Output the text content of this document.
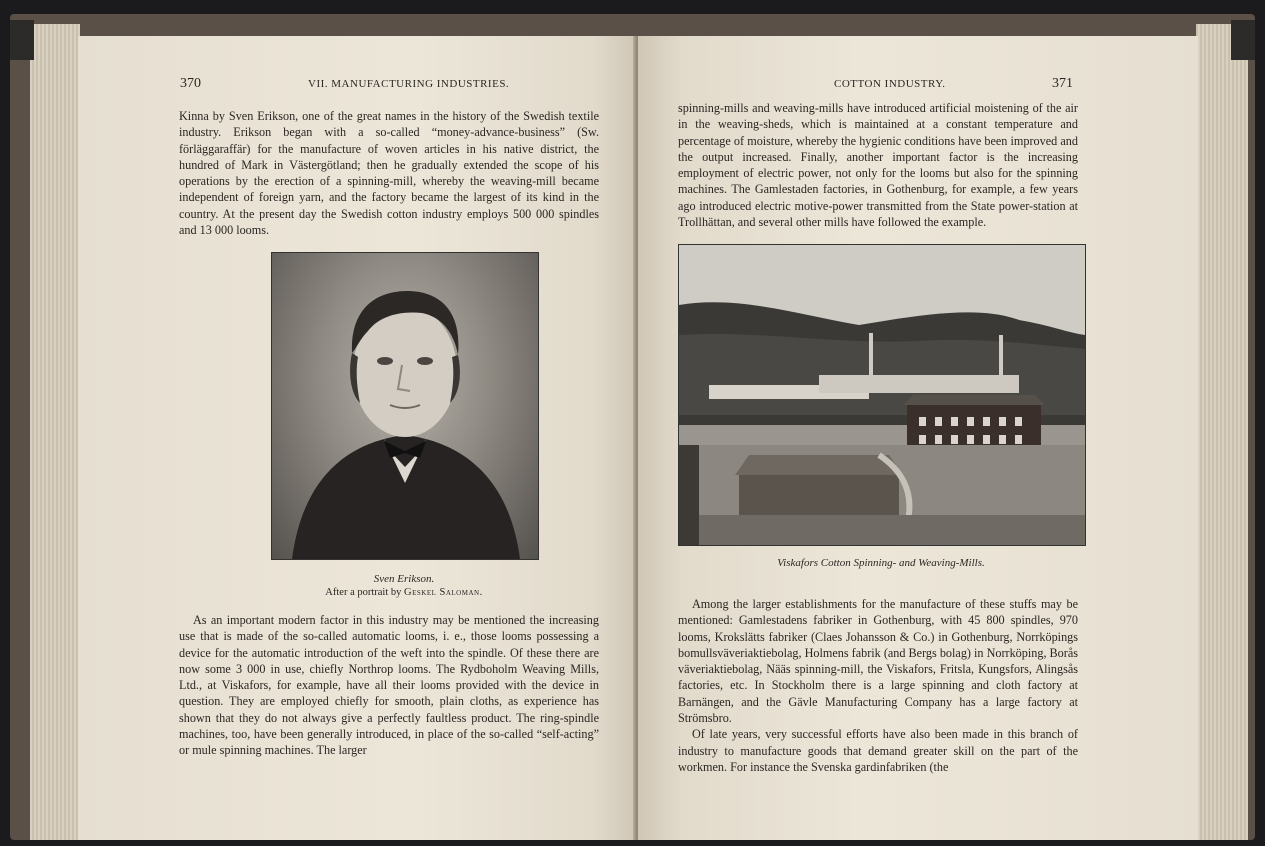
370	VII. MANUFACTURING INDUSTRIES.

Kinna by Sven Erikson, one of the great names in the history of the Swedish textile industry. Erikson began with a so-called “money-advance-business” (Sw. förläggaraffär) for the manufacture of woven articles in his native district, the hundred of Mark in Västergötland; then he gradually extended the scope of his operations by the erection of a spinning-mill, whereby the weaving-mill became independent of foreign yarn, and the factory became the largest of its kind in the country. At the present day the Swedish cotton industry employs 500 000 spindles and 13 000 looms.

Sven Erikson.
After a portrait by Geskel Saloman.

As an important modern factor in this industry may be mentioned the increasing use that is made of the so-called automatic looms, i. e., those looms possessing a device for the automatic introduction of the weft into the spindle. Of these there are now some 3 000 in use, chiefly Northrop looms. The Rydboholm Weaving Mills, Ltd., at Viskafors, for example, have all their looms provided with the device in question. They are employed chiefly for smooth, plain cloths, as experience has shown that they do not always give a perfectly faultless product. The ring-spindle machines, too, have been generally introduced, in place of the so-called “self-acting” or mule spinning machines. The larger

COTTON INDUSTRY.	371

spinning-mills and weaving-mills have introduced artificial moistening of the air in the weaving-sheds, which is maintained at a constant temperature and percentage of moisture, whereby the hygienic conditions have been improved and the output increased. Finally, another important factor is the increasing employment of electric power, not only for the looms but also for the spinning machines. The Gamlestaden factories, in Gothenburg, for example, a few years ago introduced electric motive-power transmitted from the State power-station at Trollhättan, and several other mills have followed the example.

Viskafors Cotton Spinning- and Weaving-Mills.

Among the larger establishments for the manufacture of these stuffs may be mentioned: Gamlestadens fabriker in Gothenburg, with 45 800 spindles, 970 looms, Krokslätts fabriker (Claes Johansson & Co.) in Gothenburg, Norrköpings bomullsväveriaktiebolag, Holmens fabrik (and Bergs bolag) in Norrköping, Borås väveriaktiebolag, Nääs spinning-mill, the Viskafors, Fritsla, Kungsfors, Alingsås factories, etc. In Stockholm there is a large spinning and cloth factory at Barnängen, and the Gävle Manufacturing Company has a large factory at Strömsbro.

Of late years, very successful efforts have also been made in this branch of industry to manufacture goods that demand greater skill on the part of the workmen. For instance the Svenska gardinfabriken (the
